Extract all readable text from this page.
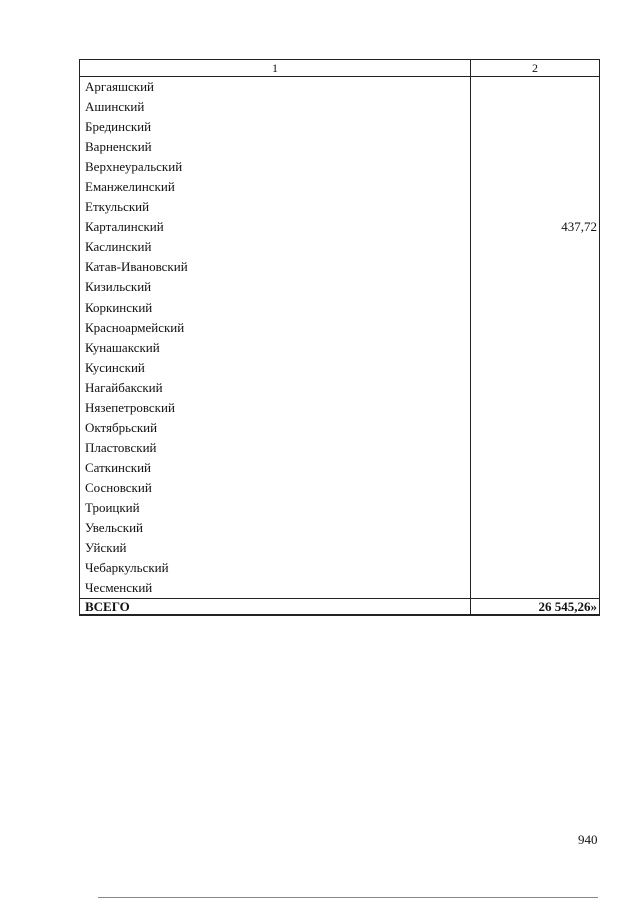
1	2
Аргаяшский	
Ашинский	
Брединский	
Варненский	
Верхнеуральский	
Еманжелинский	
Еткульский	
Карталинский	437,72
Каслинский	
Катав-Ивановский	
Кизильский	
Коркинский	
Красноармейский	
Кунашакский	
Кусинский	
Нагайбакский	
Нязепетровский	
Октябрьский	
Пластовский	
Саткинский	
Сосновский	
Троицкий	
Увельский	
Уйский	
Чебаркульский	
Чесменский	
ВСЕГО	26 545,26»
940
